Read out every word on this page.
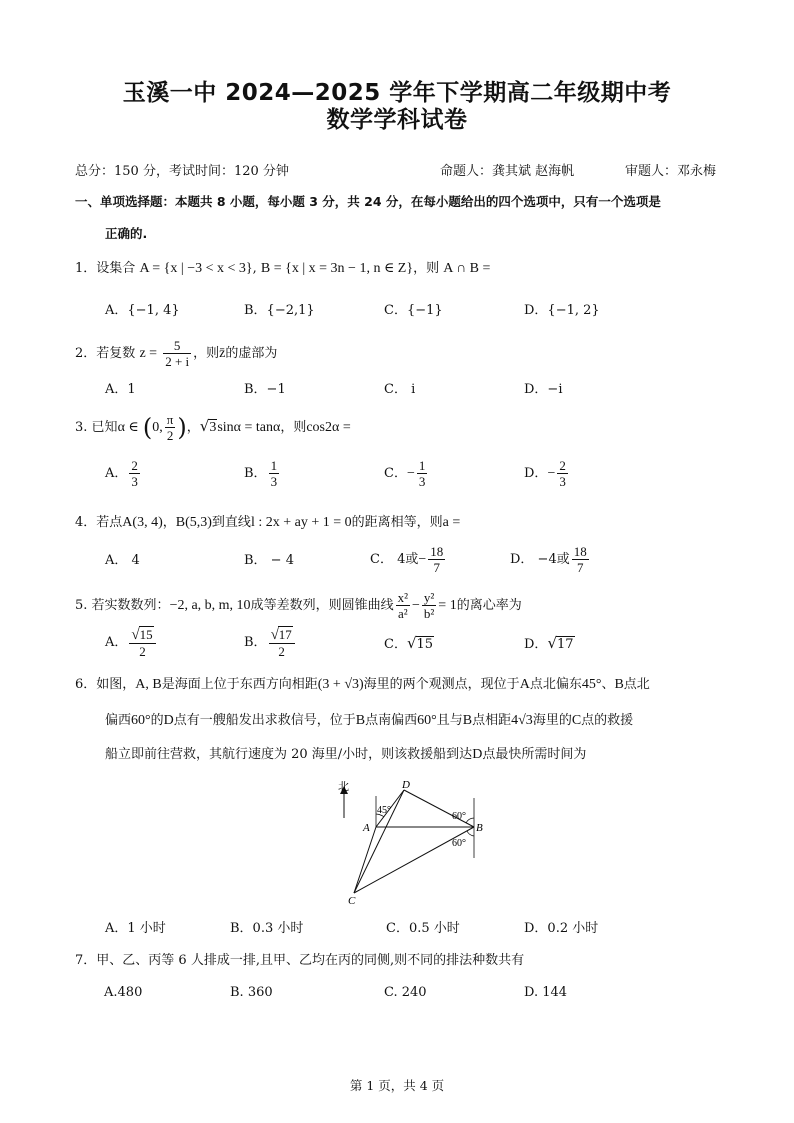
玉溪一中 2024—2025 学年下学期高二年级期中考
数学学科试卷
总分：150 分，考试时间：120 分钟	命题人：龚其斌 赵海帆	审题人：邓永梅
一、单项选择题：本题共 8 小题，每小题 3 分，共 24 分，在每小题给出的四个选项中，只有一个选项是
正确的.
1．设集合 A = {x | −3 < x < 3}, B = {x | x = 3n − 1, n ∈ Z}，则 A ∩ B =
A．{−1, 4}	B．{−2,1}	C．{−1}	D．{−1, 2}
2．若复数 $z = \frac{5}{2 + i}$ ，则z̄的虚部为
A．1	B．−1	C． i	D．−i
3. 已知α ∈ (0, $\frac{\pi}{2}$ )，√3sinα = tanα，则cos2α =
A． $\frac{2}{3}$	B． $\frac{1}{3}$	C．− $\frac{1}{3}$	D．− $\frac{2}{3}$
4．若点A(3, 4)，B(5,3)到直线l : 2x + ay + 1 = 0的距离相等，则a =
A． 4	B． − 4	C． 4或− $\frac{18}{7}$	D． −4或 $\frac{18}{7}$
5. 若实数数列：−2, a, b, m, 10成等差数列，则圆锥曲线 $\frac{\text{x²}}{\text{a²}} - \frac{\text{y²}}{\text{b²}} = 1$的离心率为
A． $\frac{√15}{2}$	B． $\frac{√17}{2}$	C．√15	D．√17
6．如图，A, B是海面上位于东西方向相距(3 + √3)海里的两个观测点，现位于A点北偏东45°、B点北
偏西60°的D点有一艘船发出求救信号，位于B点南偏西60°且与B点相距4√3海里的C点的救援
船立即前往营救，其航行速度为 20 海里/小时，则该救援船到达D点最快所需时间为
北	D
A	B
C
45°
60°
60°
A．1 小时	B．0.3 小时	C．0.5 小时	D．0.2 小时
7．甲、乙、丙等 6 人排成一排,且甲、乙均在丙的同侧,则不同的排法种数共有
A.480	B. 360	C. 240	D. 144
第 1 页，共 4 页
